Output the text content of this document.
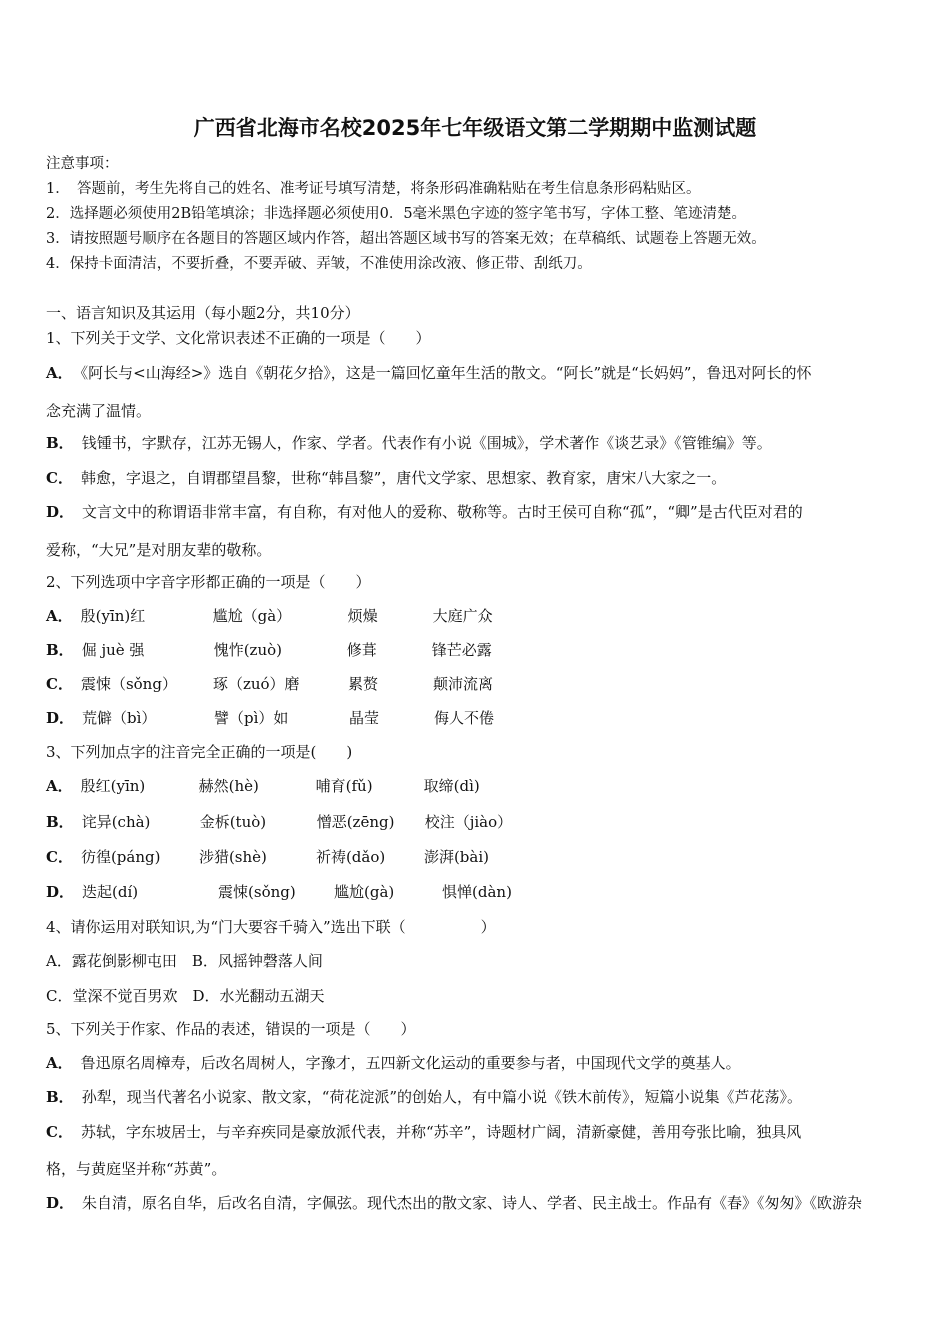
广西省北海市名校2025年七年级语文第二学期期中监测试题
注意事项：
1．　答题前，考生先将自己的姓名、准考证号填写清楚，将条形码准确粘贴在考生信息条形码粘贴区。
2．选择题必须使用2B铅笔填涂；非选择题必须使用0．5毫米黑色字迹的签字笔书写，字体工整、笔迹清楚。
3．请按照题号顺序在各题目的答题区域内作答，超出答题区域书写的答案无效；在草稿纸、试题卷上答题无效。
4．保持卡面清洁，不要折叠，不要弄破、弄皱，不准使用涂改液、修正带、刮纸刀。
一、语言知识及其运用（每小题2分，共10分）
1、下列关于文学、文化常识表述不正确的一项是（　　）
A． 《阿长与<山海经>》选自《朝花夕拾》，这是一篇回忆童年生活的散文。“阿长”就是“长妈妈”，鲁迅对阿长的怀
念充满了温情。
B． 钱锺书，字默存，江苏无锡人，作家、学者。代表作有小说《围城》，学术著作《谈艺录》《管锥编》等。
C． 韩愈，字退之，自谓郡望昌黎，世称“韩昌黎”，唐代文学家、思想家、教育家，唐宋八大家之一。
D． 文言文中的称谓语非常丰富，有自称，有对他人的爱称、敬称等。古时王侯可自称“孤”，“卿”是古代臣对君的
爱称，“大兄”是对朋友辈的敬称。
2、下列选项中字音字形都正确的一项是（　　）
A． 殷(yīn)红	尴尬（gà）	烦燥	大庭广众
B． 倔 juè 强	愧怍(zuò)	修葺	锋芒必露
C． 震悚（sǒng） 琢（zuó）磨	累赘	颠沛流离
D． 荒僻（bì）	譬（pì）如	晶莹	侮人不倦
3、下列加点字的注音完全正确的一项是(　　)
A． 殷红(yīn)	赫然(hè)	哺育(fǔ)	取缔(dì)
B． 诧异(chà)	金柝(tuò)	憎恶(zēng) 校注（jiào）
C． 彷徨(páng)	涉猎(shè)	祈祷(dǎo)	澎湃(bài)
D． 迭起(dí)	震悚(sǒng)	尴尬(gà)	惧惮(dàn)
4、请你运用对联知识,为“门大要容千骑入”选出下联（　　　　　）
A．露花倒影柳屯田　B．风摇钟磬落人间
C．堂深不觉百男欢　D．水光翻动五湖天
5、下列关于作家、作品的表述，错误的一项是（　　）
A． 鲁迅原名周樟寿，后改名周树人，字豫才，五四新文化运动的重要参与者，中国现代文学的奠基人。
B． 孙犁，现当代著名小说家、散文家，“荷花淀派”的创始人，有中篇小说《铁木前传》，短篇小说集《芦花荡》。
C． 苏轼，字东坡居士，与辛弃疾同是豪放派代表，并称“苏辛”，诗题材广阔，清新豪健，善用夸张比喻，独具风
格，与黄庭坚并称“苏黄”。
D． 朱自清，原名自华，后改名自清，字佩弦。现代杰出的散文家、诗人、学者、民主战士。作品有《春》《匆匆》《欧游杂
